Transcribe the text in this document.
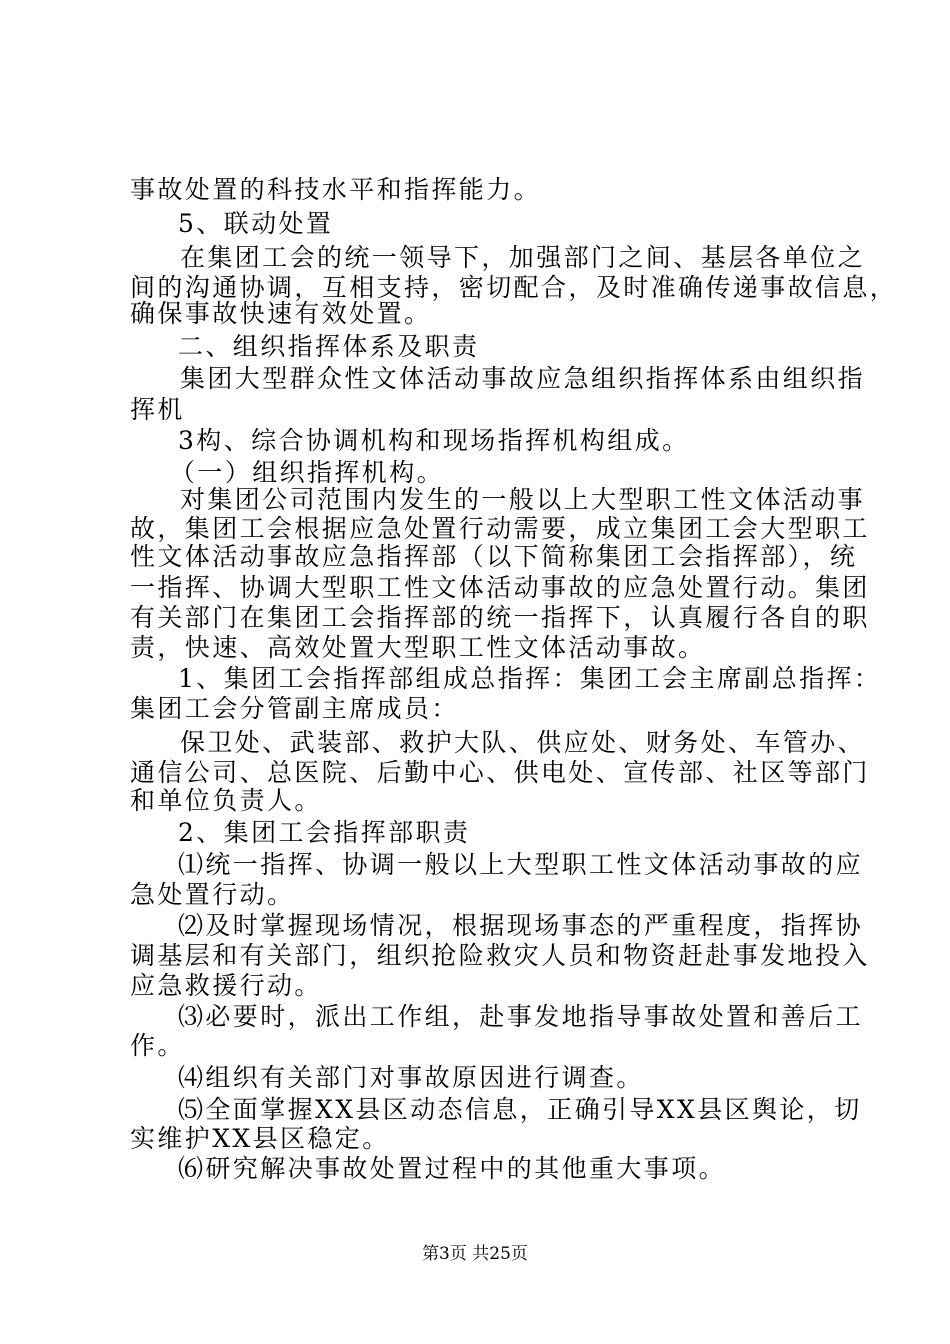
事故处置的科技水平和指挥能力。
5、联动处置
在集团工会的统一领导下，加强部门之间、基层各单位之
间的沟通协调，互相支持，密切配合，及时准确传递事故信息，
确保事故快速有效处置。
二、组织指挥体系及职责
集团大型群众性文体活动事故应急组织指挥体系由组织指
挥机
3构、综合协调机构和现场指挥机构组成。
（一）组织指挥机构。
对集团公司范围内发生的一般以上大型职工性文体活动事
故，集团工会根据应急处置行动需要，成立集团工会大型职工
性文体活动事故应急指挥部（以下简称集团工会指挥部），统
一指挥、协调大型职工性文体活动事故的应急处置行动。集团
有关部门在集团工会指挥部的统一指挥下，认真履行各自的职
责，快速、高效处置大型职工性文体活动事故。
1、集团工会指挥部组成总指挥：集团工会主席副总指挥：
集团工会分管副主席成员：
保卫处、武装部、救护大队、供应处、财务处、车管办、
通信公司、总医院、后勤中心、供电处、宣传部、社区等部门
和单位负责人。
2、集团工会指挥部职责
⑴统一指挥、协调一般以上大型职工性文体活动事故的应
急处置行动。
⑵及时掌握现场情况，根据现场事态的严重程度，指挥协
调基层和有关部门，组织抢险救灾人员和物资赶赴事发地投入
应急救援行动。
⑶必要时，派出工作组，赴事发地指导事故处置和善后工
作。
⑷组织有关部门对事故原因进行调查。
⑸全面掌握XX县区动态信息，正确引导XX县区舆论，切
实维护XX县区稳定。
⑹研究解决事故处置过程中的其他重大事项。
第3页 共25页
